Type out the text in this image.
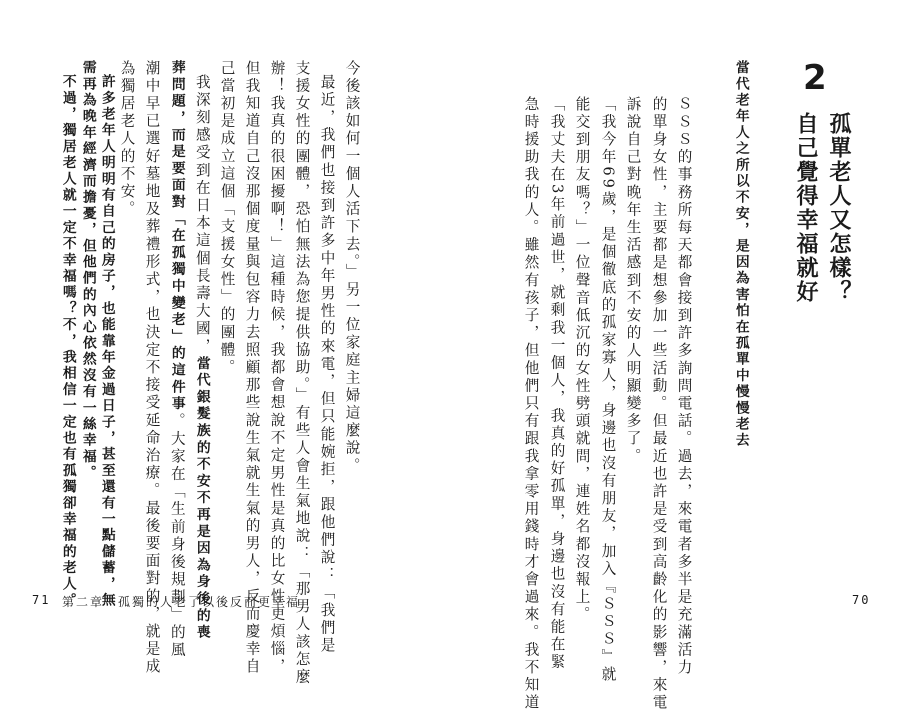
2
孤單老人又怎樣？
自己覺得幸福就好
當代老年人之所以不安，是因為害怕在孤單中慢慢老去
ＳＳＳ的事務所每天都會接到許多詢問電話。過去，來電者多半是充滿活力
的單身女性，主要都是想參加一些活動。但最近也許是受到高齡化的影響，來電
訴說自己對晚年生活感到不安的人明顯變多了。
「我今年69歲，是個徹底的孤家寡人，身邊也沒有朋友，加入『ＳＳＳ』就
能交到朋友嗎？」一位聲音低沉的女性劈頭就問，連姓名都沒報上。
「我丈夫在3年前過世，就剩我一個人，我真的好孤單，身邊也沒有能在緊
急時援助我的人。雖然有孩子，但他們只有跟我拿零用錢時才會過來。我不知道
今後該如何一個人活下去。」另一位家庭主婦這麼說。
最近，我們也接到許多中年男性的來電，但只能婉拒，跟他們說：「我們是
支援女性的團體，恐怕無法為您提供協助。」有些人會生氣地說：「那男人該怎麼
辦！我真的很困擾啊！」這種時候，我都會想說不定男性是真的比女性更煩惱，
但我知道自己沒那個度量與包容力去照顧那些說生氣就生氣的男人，反而慶幸自
己當初是成立這個「支援女性」的團體。
我深刻感受到在日本這個長壽大國，當代銀髮族的不安不再是因為身後的喪
葬問題，而是要面對「在孤獨中變老」的這件事。大家在「生前身後規劃」的風
潮中早已選好墓地及葬禮形式，也決定不接受延命治療。最後要面對的，就是成
為獨居老人的不安。
許多老年人明明有自己的房子，也能靠年金過日子，甚至還有一點儲蓄，無
需再為晚年經濟而擔憂，但他們的內心依然沒有一絲幸福。
不過，獨居老人就一定不幸福嗎？不，我相信一定也有孤獨卻幸福的老人。
71 第二章　孤獨的人老了以後反而更幸福	70
